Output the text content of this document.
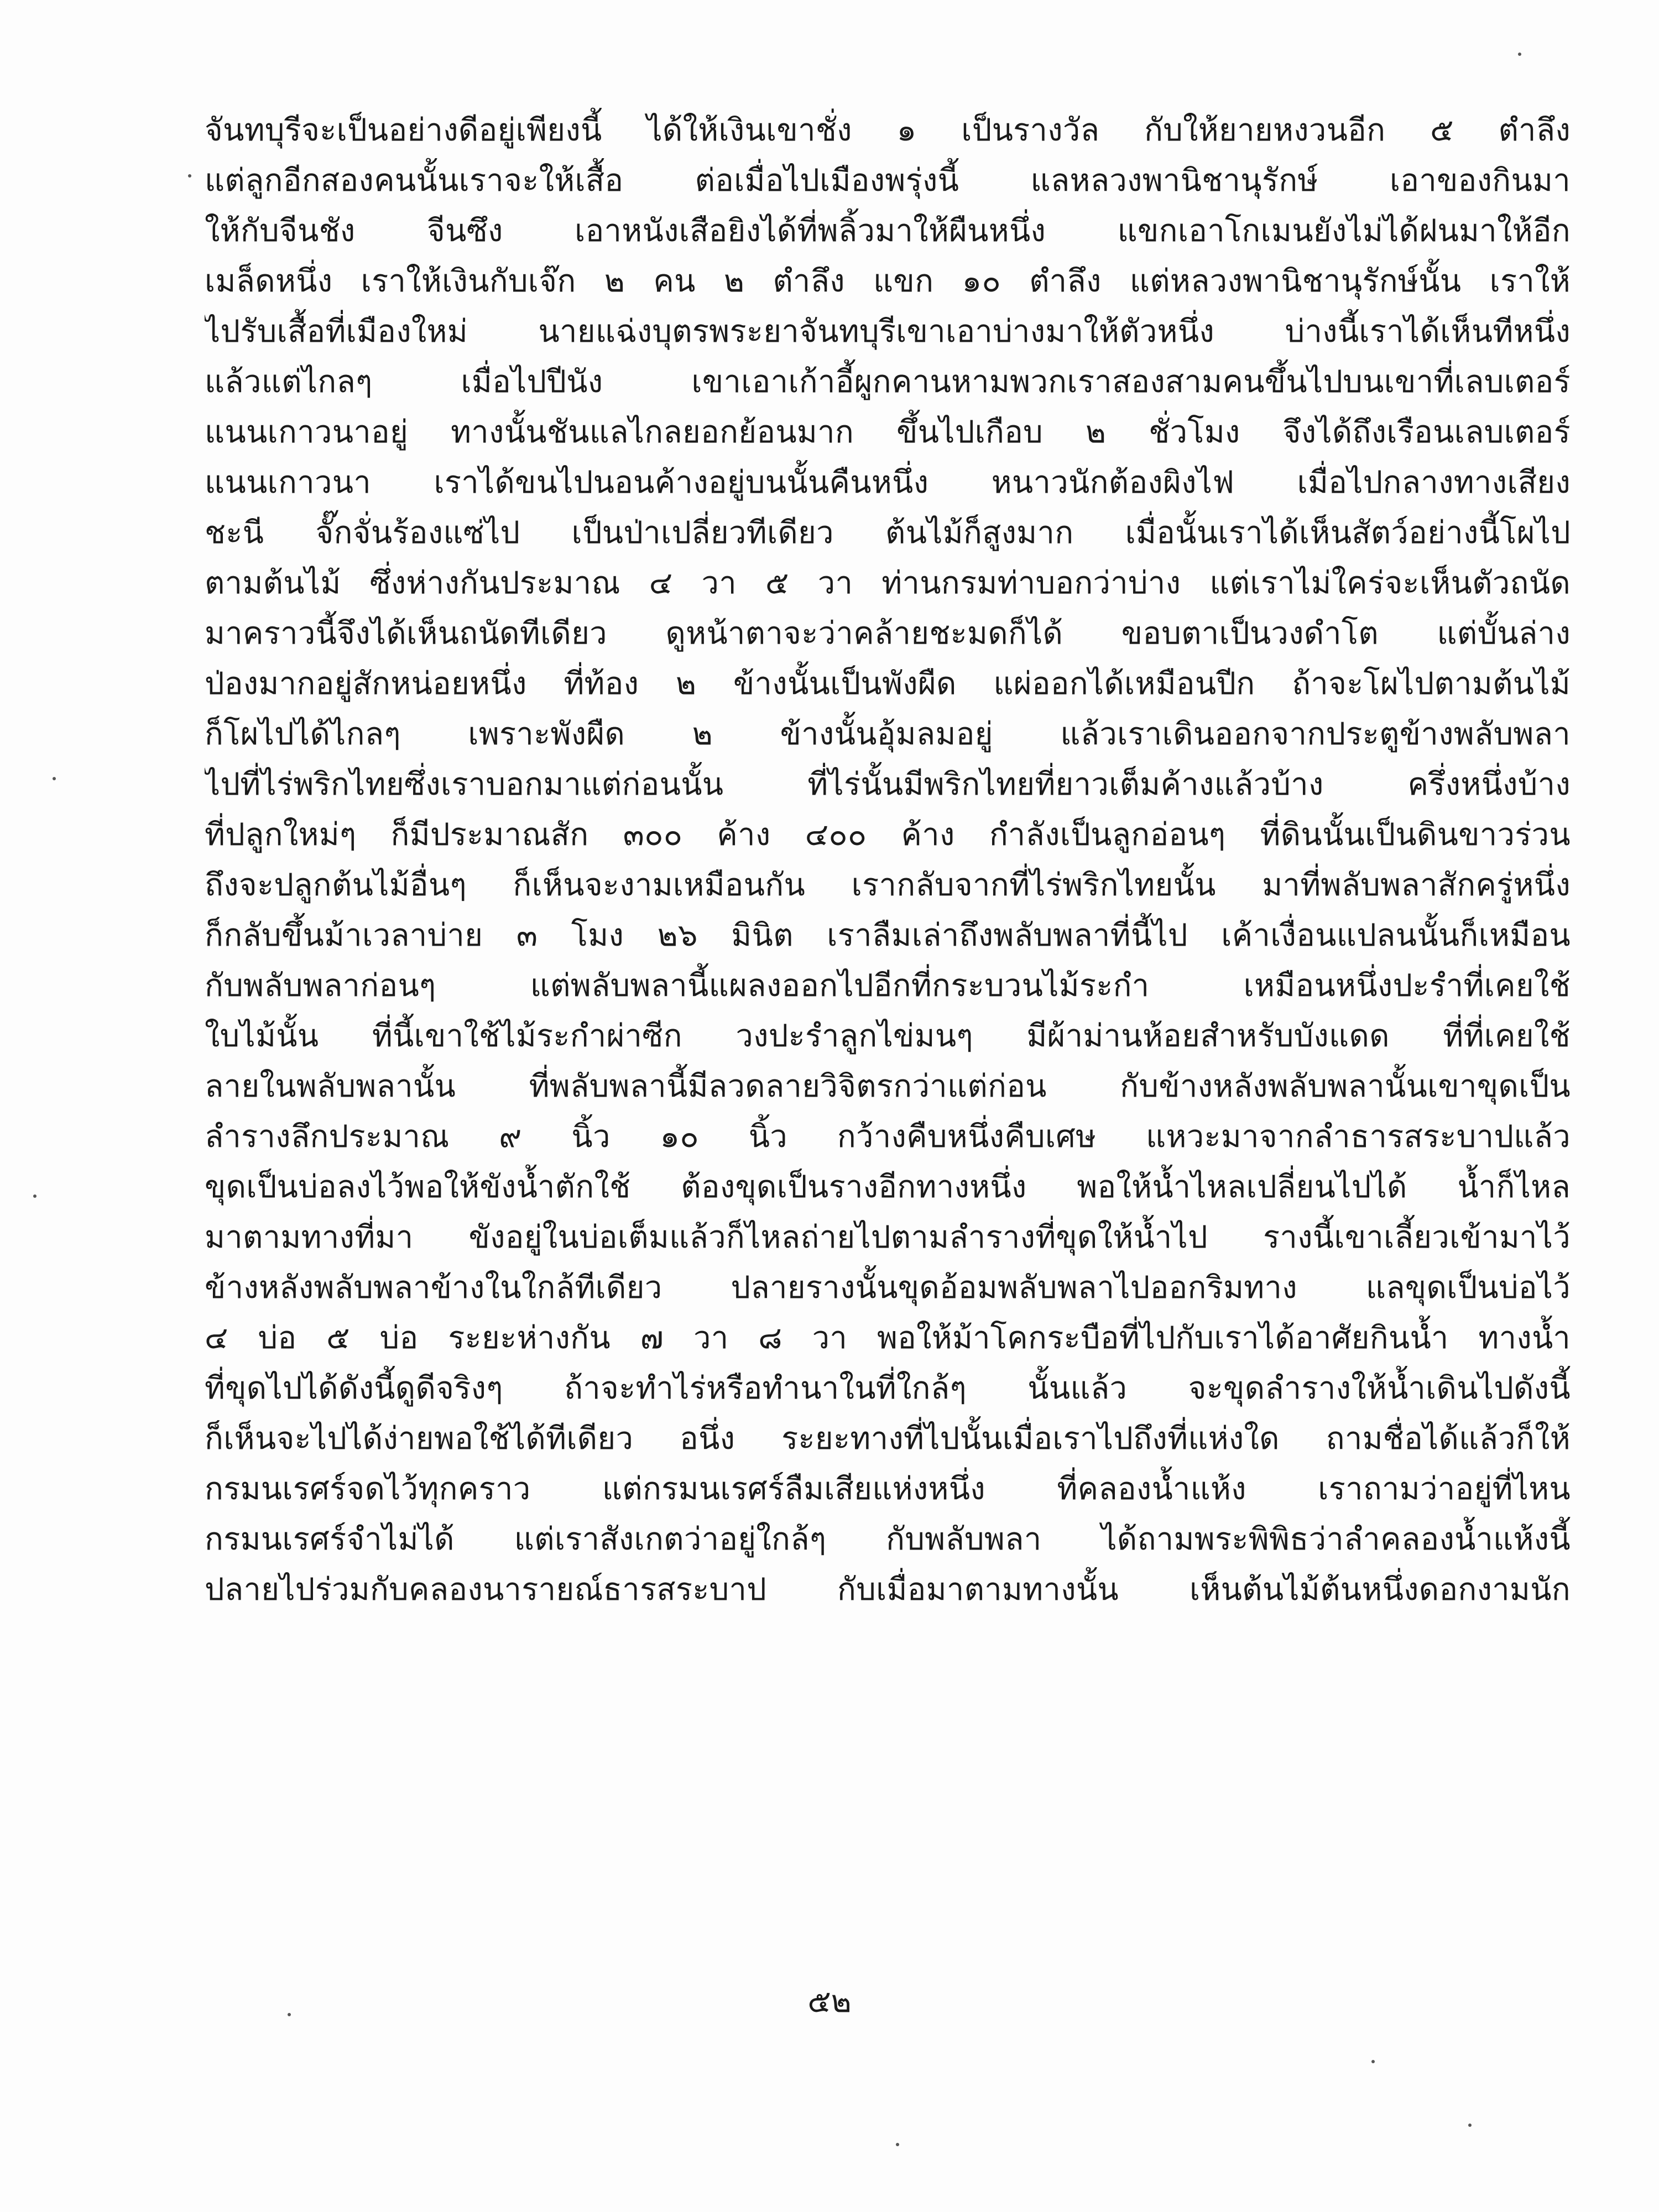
จันทบุรีจะเป็นอย่างดีอยู่เพียงนี้ ได้ให้เงินเขาชั่ง ๑ เป็นรางวัล กับให้ยายหงวนอีก ๕ ตำลึง
แต่ลูกอีกสองคนนั้นเราจะให้เสื้อ ต่อเมื่อไปเมืองพรุ่งนี้ แลหลวงพานิชานุรักษ์ เอาของกินมา
ให้กับจีนชัง จีนซึง เอาหนังเสือยิงได้ที่พลิ้วมาให้ผืนหนึ่ง แขกเอาโกเมนยังไม่ได้ฝนมาให้อีก
เมล็ดหนึ่ง เราให้เงินกับเจ๊ก ๒ คน ๒ ตำลึง แขก ๑๐ ตำลึง แต่หลวงพานิชานุรักษ์นั้น เราให้
ไปรับเสื้อที่เมืองใหม่ นายแฉ่งบุตรพระยาจันทบุรีเขาเอาบ่างมาให้ตัวหนึ่ง บ่างนี้เราได้เห็นทีหนึ่ง
แล้วแต่ไกลๆ เมื่อไปปีนัง เขาเอาเก้าอี้ผูกคานหามพวกเราสองสามคนขึ้นไปบนเขาที่เลบเตอร์
แนนเกาวนาอยู่ ทางนั้นชันแลไกลยอกย้อนมาก ขึ้นไปเกือบ ๒ ชั่วโมง จึงได้ถึงเรือนเลบเตอร์
แนนเกาวนา เราได้ขนไปนอนค้างอยู่บนนั้นคืนหนึ่ง หนาวนักต้องผิงไฟ เมื่อไปกลางทางเสียง
ชะนี จั๊กจั่นร้องแซ่ไป เป็นป่าเปลี่ยวทีเดียว ต้นไม้ก็สูงมาก เมื่อนั้นเราได้เห็นสัตว์อย่างนี้โผไป
ตามต้นไม้ ซึ่งห่างกันประมาณ ๔ วา ๕ วา ท่านกรมท่าบอกว่าบ่าง แต่เราไม่ใคร่จะเห็นตัวถนัด
มาคราวนี้จึงได้เห็นถนัดทีเดียว ดูหน้าตาจะว่าคล้ายชะมดก็ได้ ขอบตาเป็นวงดำโต แต่บั้นล่าง
ป่องมากอยู่สักหน่อยหนึ่ง ที่ท้อง ๒ ข้างนั้นเป็นพังผืด แผ่ออกได้เหมือนปีก ถ้าจะโผไปตามต้นไม้
ก็โผไปได้ไกลๆ เพราะพังผืด ๒ ข้างนั้นอุ้มลมอยู่ แล้วเราเดินออกจากประตูข้างพลับพลา
ไปที่ไร่พริกไทยซึ่งเราบอกมาแต่ก่อนนั้น ที่ไร่นั้นมีพริกไทยที่ยาวเต็มค้างแล้วบ้าง ครึ่งหนึ่งบ้าง
ที่ปลูกใหม่ๆ ก็มีประมาณสัก ๓๐๐ ค้าง ๔๐๐ ค้าง กำลังเป็นลูกอ่อนๆ ที่ดินนั้นเป็นดินขาวร่วน
ถึงจะปลูกต้นไม้อื่นๆ ก็เห็นจะงามเหมือนกัน เรากลับจากที่ไร่พริกไทยนั้น มาที่พลับพลาสักครู่หนึ่ง
ก็กลับขึ้นม้าเวลาบ่าย ๓ โมง ๒๖ มินิต เราลืมเล่าถึงพลับพลาที่นี้ไป เค้าเงื่อนแปลนนั้นก็เหมือน
กับพลับพลาก่อนๆ แต่พลับพลานี้แผลงออกไปอีกที่กระบวนไม้ระกำ เหมือนหนึ่งปะรำที่เคยใช้
ใบไม้นั้น ที่นี้เขาใช้ไม้ระกำผ่าซีก วงปะรำลูกไข่มนๆ มีผ้าม่านห้อยสำหรับบังแดด ที่ที่เคยใช้
ลายในพลับพลานั้น ที่พลับพลานี้มีลวดลายวิจิตรกว่าแต่ก่อน กับข้างหลังพลับพลานั้นเขาขุดเป็น
ลำรางลึกประมาณ ๙ นิ้ว ๑๐ นิ้ว กว้างคืบหนึ่งคืบเศษ แหวะมาจากลำธารสระบาปแล้ว
ขุดเป็นบ่อลงไว้พอให้ขังน้ำตักใช้ ต้องขุดเป็นรางอีกทางหนึ่ง พอให้น้ำไหลเปลี่ยนไปได้ น้ำก็ไหล
มาตามทางที่มา ขังอยู่ในบ่อเต็มแล้วก็ไหลถ่ายไปตามลำรางที่ขุดให้น้ำไป รางนี้เขาเลี้ยวเข้ามาไว้
ข้างหลังพลับพลาข้างในใกล้ทีเดียว ปลายรางนั้นขุดอ้อมพลับพลาไปออกริมทาง แลขุดเป็นบ่อไว้
๔ บ่อ ๕ บ่อ ระยะห่างกัน ๗ วา ๘ วา พอให้ม้าโคกระบือที่ไปกับเราได้อาศัยกินน้ำ ทางน้ำ
ที่ขุดไปได้ดังนี้ดูดีจริงๆ ถ้าจะทำไร่หรือทำนาในที่ใกล้ๆ นั้นแล้ว จะขุดลำรางให้น้ำเดินไปดังนี้
ก็เห็นจะไปได้ง่ายพอใช้ได้ทีเดียว อนึ่ง ระยะทางที่ไปนั้นเมื่อเราไปถึงที่แห่งใด ถามชื่อได้แล้วก็ให้
กรมนเรศร์จดไว้ทุกคราว แต่กรมนเรศร์ลืมเสียแห่งหนึ่ง ที่คลองน้ำแห้ง เราถามว่าอยู่ที่ไหน
กรมนเรศร์จำไม่ได้ แต่เราสังเกตว่าอยู่ใกล้ๆ กับพลับพลา ได้ถามพระพิพิธว่าลำคลองน้ำแห้งนี้
ปลายไปร่วมกับคลองนารายณ์ธารสระบาป กับเมื่อมาตามทางนั้น เห็นต้นไม้ต้นหนึ่งดอกงามนัก
๕๒
